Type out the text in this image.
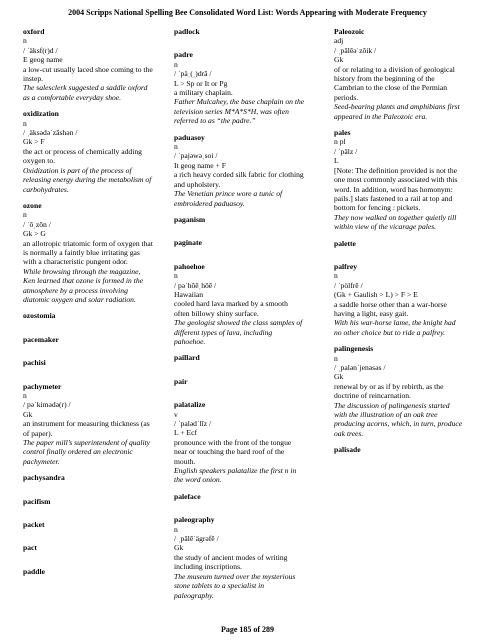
2004 Scripps National Spelling Bee Consolidated Word List: Words Appearing with Moderate Frequency
oxford
n
/ ˈäksf(r)d /
E geog name
a low-cut usually laced shoe coming to the instep.
The salesclerk suggested a saddle oxford as a comfortable everyday shoe.
oxidization
n
/ ˌäksədəˈzāshən /
Gk > F
the act or process of chemically adding oxygen to.
Oxidization is part of the process of releasing energy during the metabolism of carbohydrates.
ozone
n
/ ˈōˌzōn /
Gk > G
an allotropic triatomic form of oxygen that is normally a faintly blue irritating gas with a characteristic pungent odor.
While browsing through the magazine, Ken learned that ozone is formed in the atmosphere by a process involving diatomic oxygen and solar radiation.
ozostomia
pacemaker
pachisi
pachymeter
n
/ pəˈkimədə(r) /
Gk
an instrument for measuring thickness (as of paper).
The paper mill’s superintendent of quality control finally ordered an electronic pachymeter.
pachysandra
pacifism
packet
pact
paddle
padlock
padre
n
/ ˈpäˌ(ˌ)drā /
L > Sp or It or Pg
a military chaplain.
Father Mulcahey, the base chaplain on the television series M*A*S*H, was often referred to as “the padre.”
paduasoy
n
/ ˈpajəwəˌsoi /
It geog name + F
a rich heavy corded silk fabric for clothing and upholstery.
The Venetian prince wore a tunic of embroidered paduasoy.
paganism
paginate
pahoehoe
n
/ pəˈhōēˌhōē /
Hawaiian
cooled hard lava marked by a smooth often billowy shiny surface.
The geologist showed the class samples of different types of lava, including pahoehoe.
paillard
pair
palatalize
v
/ ˈpalədˈlīz /
L + Ecf
pronounce with the front of the tongue near or touching the hard roof of the mouth.
English speakers palatalize the first n in the word onion.
paleface
paleography
n
/ ˌpālēˈägrəfē /
Gk
the study of ancient modes of writing including inscriptions.
The museum turned over the mysterious stone tablets to a specialist in paleography.
Paleozoic
adj
/ ˌpālēəˈzōik /
Gk
of or relating to a division of geological history from the beginning of the Cambrian to the close of the Permian periods.
Seed-bearing plants and amphibians first appeared in the Paleozoic era.
pales
n pl
/ ˈpālz /
L
[Note: The definition provided is not the one most commonly associated with this word. In addition, word has homonym: pails.] slats fastened to a rail at top and bottom for fencing : pickets.
They now walked on together quietly till within view of the vicarage pales.
palette
palfrey
n
/ ˈpölfrē /
(Gk + Gaulish > L) > F > E
a saddle horse other than a war-horse having a light, easy gait.
With his war-horse lame, the knight had no other choice but to ride a palfrey.
palingenesis
n
/ ˌpalənˈjenəsəs /
Gk
renewal by or as if by rebirth, as the doctrine of reincarnation.
The discussion of palingenesis started with the illustration of an oak tree producing acorns, which, in turn, produce oak trees.
palisade
Page 185 of 289
